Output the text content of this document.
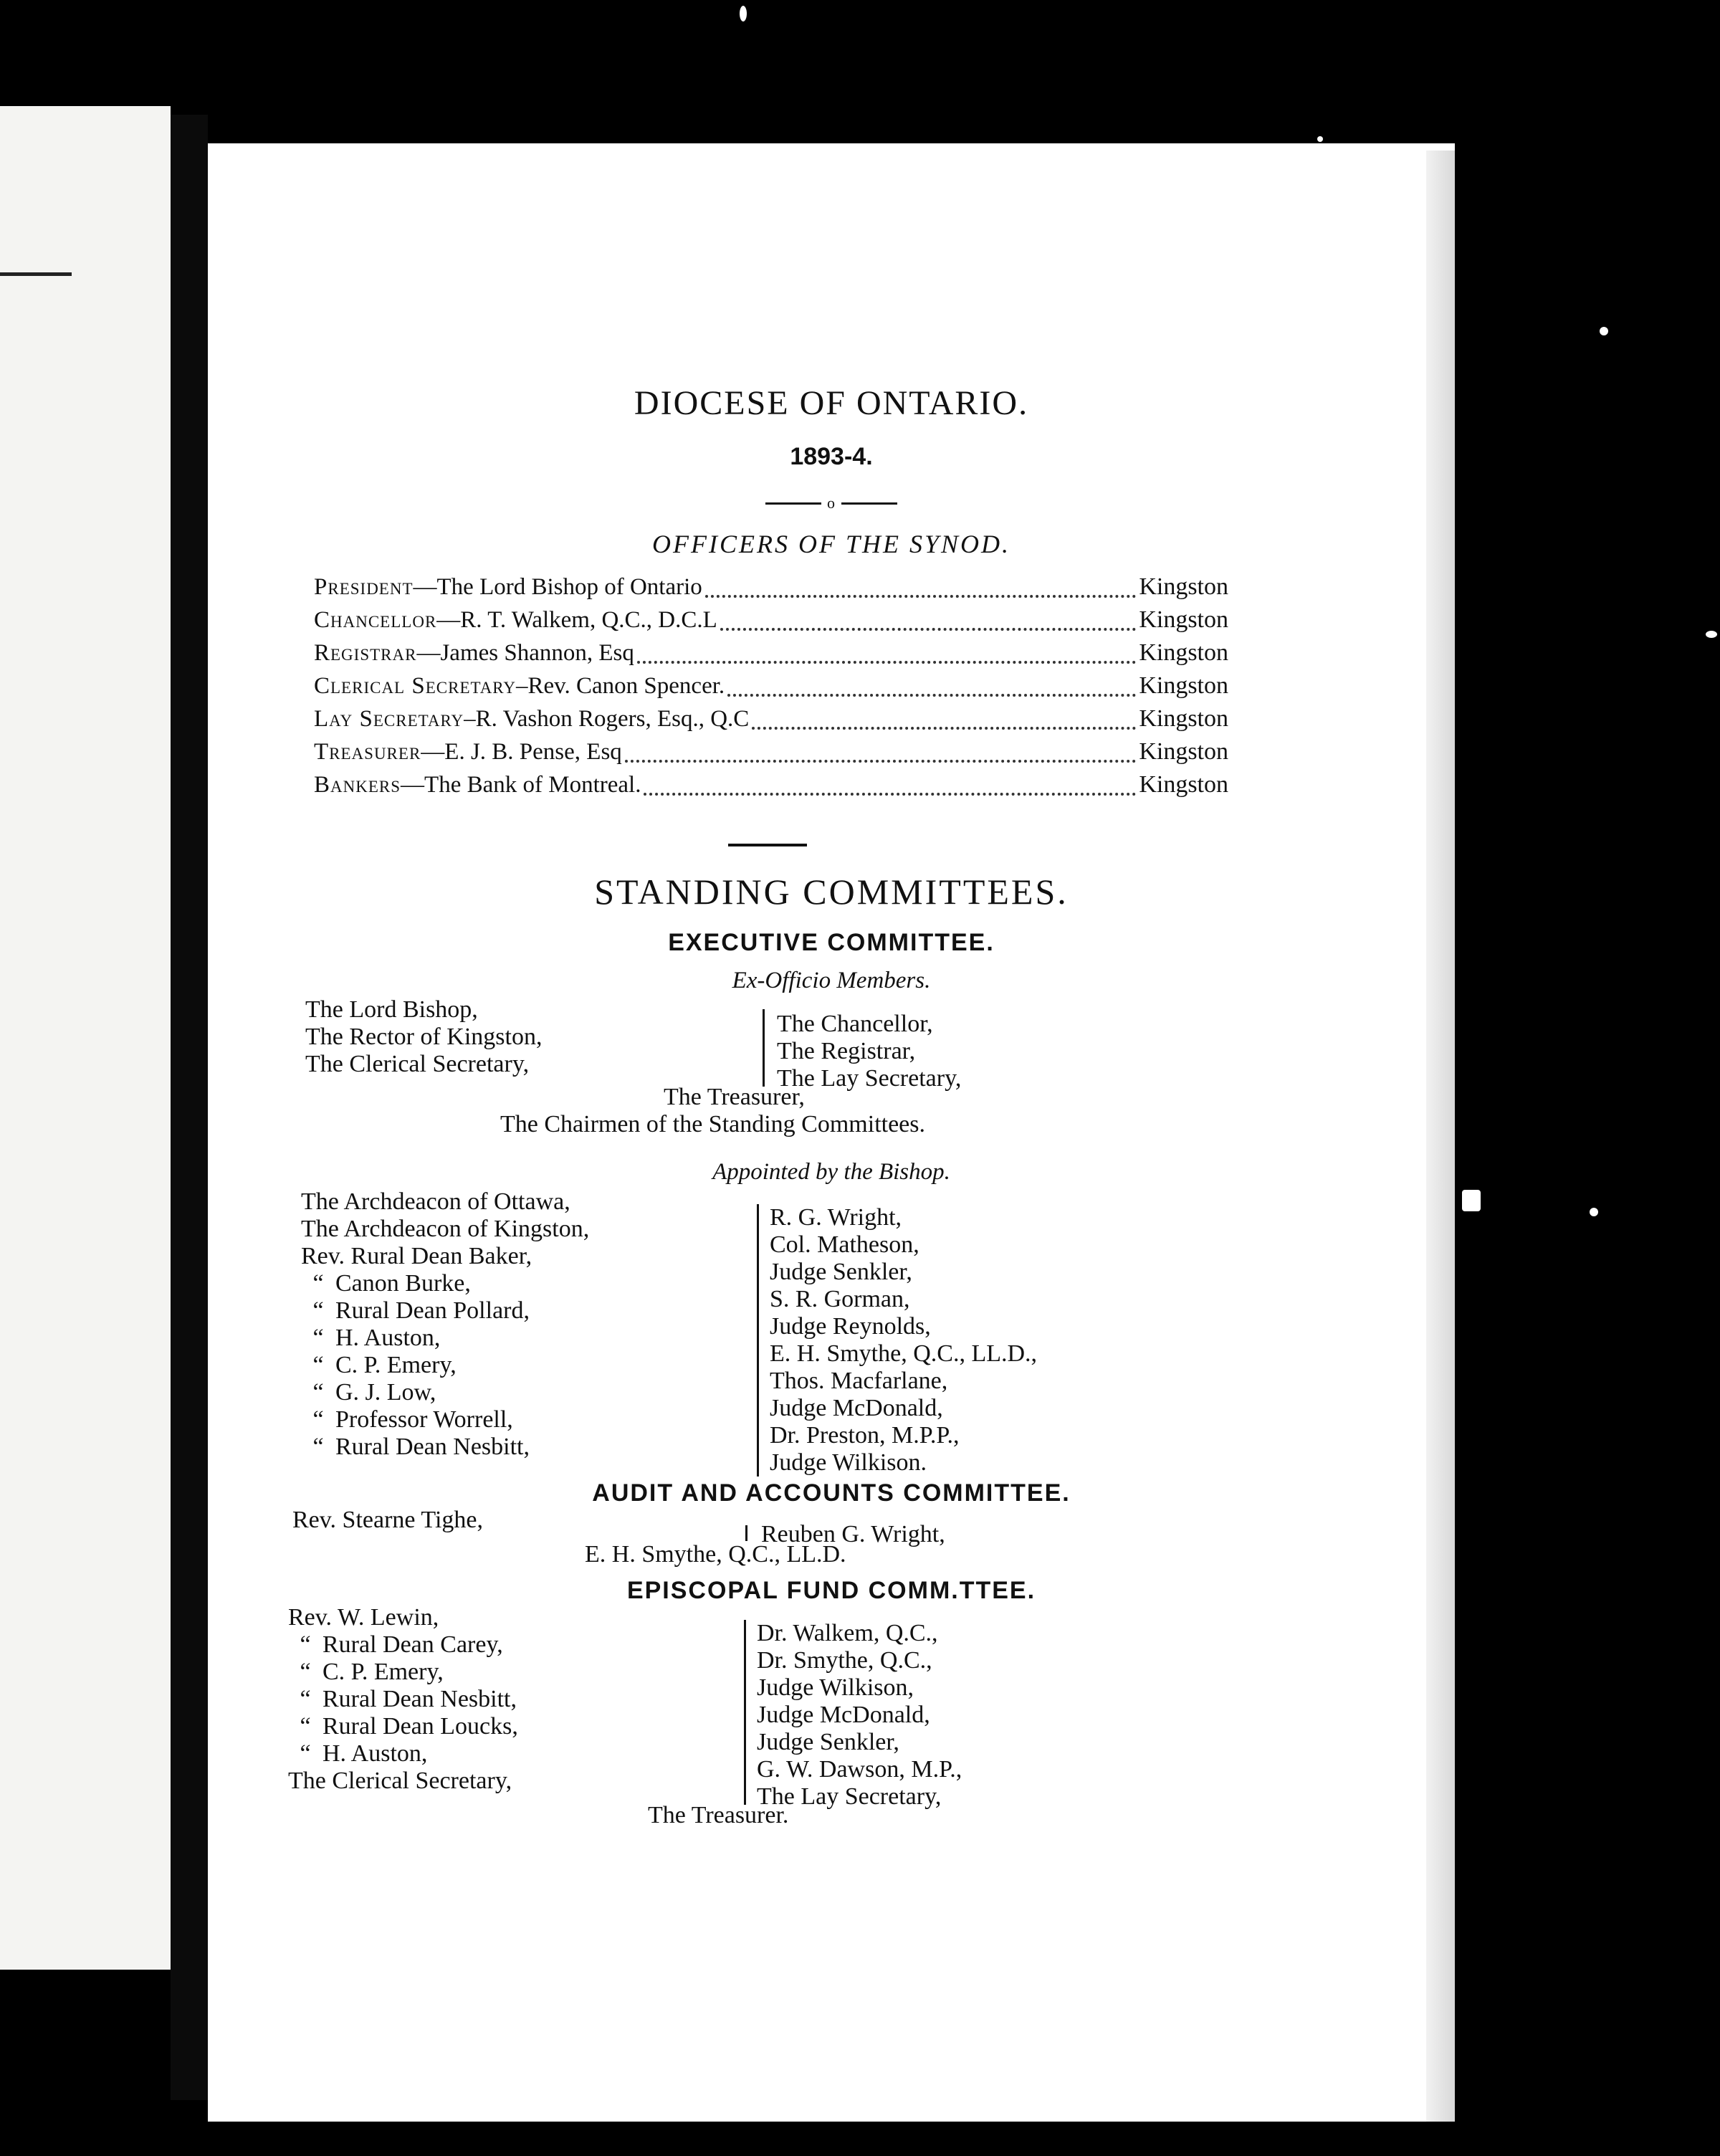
DIOCESE OF ONTARIO.
1893-4.
o
OFFICERS OF THE SYNOD.
President —The Lord Bishop of Ontario	Kingston
Chancellor —R. T. Walkem, Q.C., D.C.L	Kingston
Registrar —James Shannon, Esq	Kingston
Clerical Secretary –Rev. Canon Spencer.	Kingston
Lay Secretary –R. Vashon Rogers, Esq., Q.C	Kingston
Treasurer —E. J. B. Pense, Esq	Kingston
Bankers —The Bank of Montreal.	Kingston
STANDING COMMITTEES.
EXECUTIVE COMMITTEE.
Ex-Officio Members.
The Lord Bishop,
The Rector of Kingston,
The Clerical Secretary,
The Chancellor,
The Registrar,
The Lay Secretary,
The Treasurer,
The Chairmen of the Standing Committees.
Appointed by the Bishop.
The Archdeacon of Ottawa,
The Archdeacon of Kingston,
Rev. Rural Dean Baker,
“ Canon Burke,
“ Rural Dean Pollard,
“ H. Auston,
“ C. P. Emery,
“ G. J. Low,
“ Professor Worrell,
“ Rural Dean Nesbitt,
R. G. Wright,
Col. Matheson,
Judge Senkler,
S. R. Gorman,
Judge Reynolds,
E. H. Smythe, Q.C., LL.D.,
Thos. Macfarlane,
Judge McDonald,
Dr. Preston, M.P.P.,
Judge Wilkison.
AUDIT AND ACCOUNTS COMMITTEE.
Rev. Stearne Tighe,
Reuben G. Wright,
E. H. Smythe, Q.C., LL.D.
EPISCOPAL FUND COMM.TTEE.
Rev. W. Lewin,
“ Rural Dean Carey,
“ C. P. Emery,
“ Rural Dean Nesbitt,
“ Rural Dean Loucks,
“ H. Auston,
The Clerical Secretary,
Dr. Walkem, Q.C.,
Dr. Smythe, Q.C.,
Judge Wilkison,
Judge McDonald,
Judge Senkler,
G. W. Dawson, M.P.,
The Lay Secretary,
The Treasurer.
